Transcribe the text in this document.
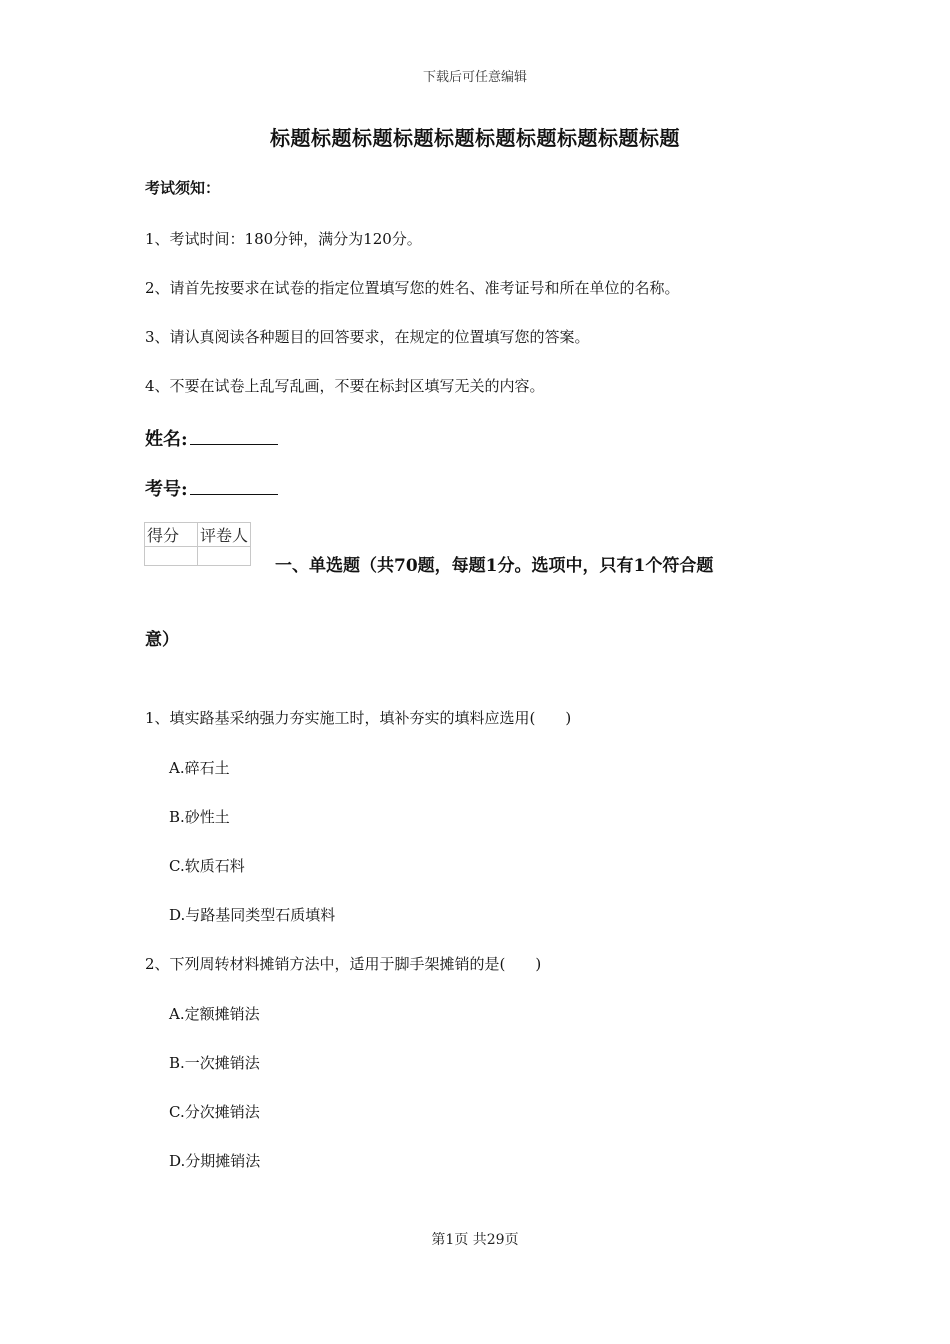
下载后可任意编辑
标题标题标题标题标题标题标题标题标题标题
考试须知：
1、考试时间：180分钟，满分为120分。
2、请首先按要求在试卷的指定位置填写您的姓名、准考证号和所在单位的名称。
3、请认真阅读各种题目的回答要求，在规定的位置填写您的答案。
4、不要在试卷上乱写乱画，不要在标封区填写无关的内容。
姓名:
考号:
得分	评卷人

一、单选题（共70题，每题1分。选项中，只有1个符合题
意）
1、填实路基采纳强力夯实施工时，填补夯实的填料应选用(　　)
A.碎石土
B.砂性土
C.软质石料
D.与路基同类型石质填料
2、下列周转材料摊销方法中，适用于脚手架摊销的是(　　)
A.定额摊销法
B.一次摊销法
C.分次摊销法
D.分期摊销法
第1页 共29页
